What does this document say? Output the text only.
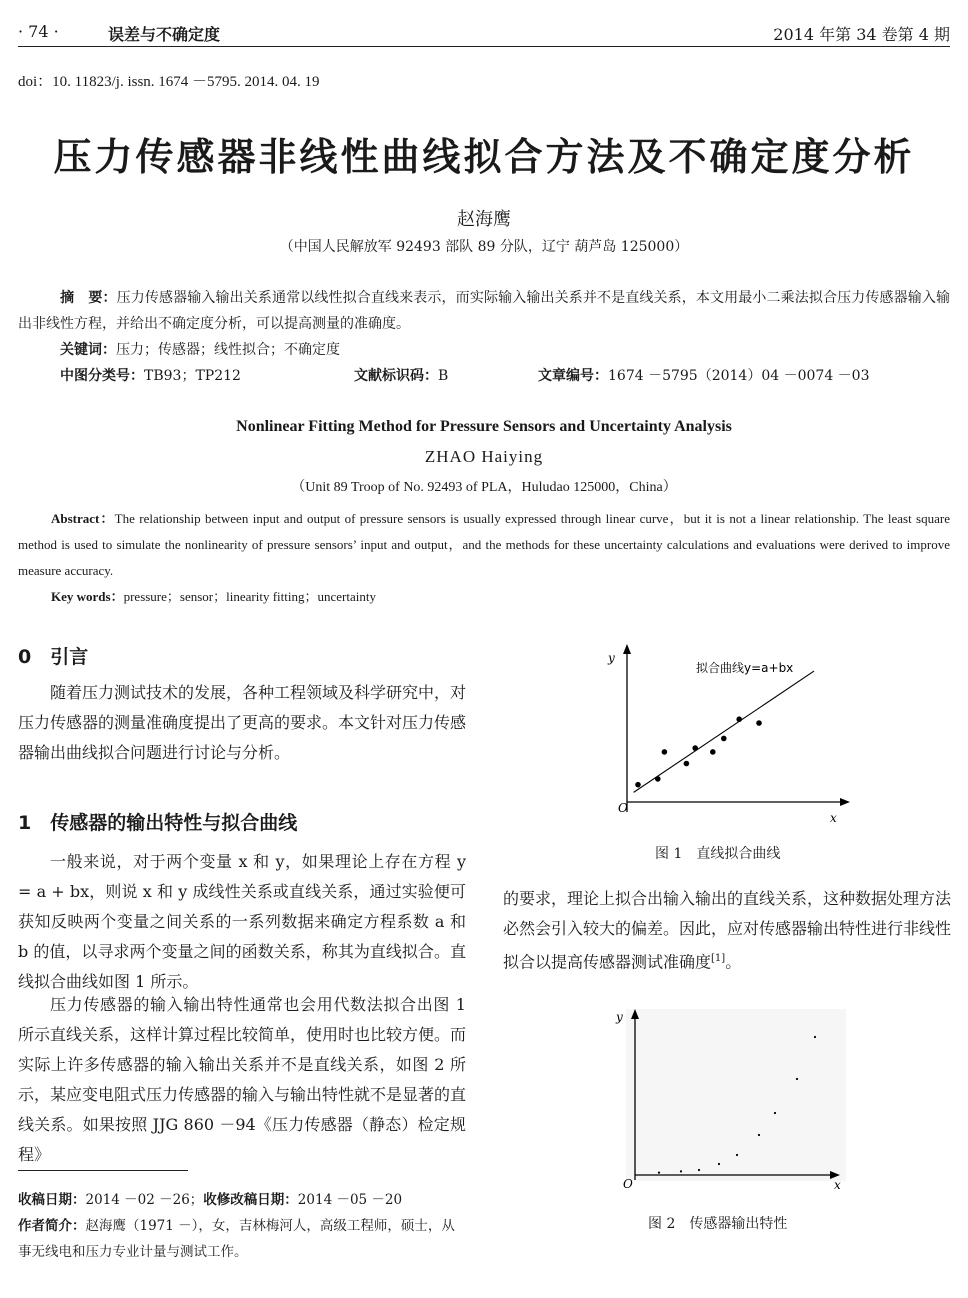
· 74 ·	误差与不确定度	2014 年第 34 卷第 4 期
doi：10. 11823/j. issn. 1674 －5795. 2014. 04. 19
压力传感器非线性曲线拟合方法及不确定度分析
赵海鹰
（中国人民解放军 92493 部队 89 分队，辽宁 葫芦岛 125000）
摘　要：压力传感器输入输出关系通常以线性拟合直线来表示，而实际输入输出关系并不是直线关系，本文用最小二乘法拟合压力传感器输入输出非线性方程，并给出不确定度分析，可以提高测量的准确度。
关键词：压力；传感器；线性拟合；不确定度
中图分类号：TB93；TP212	文献标识码：B	文章编号：1674 －5795（2014）04 －0074 －03
Nonlinear Fitting Method for Pressure Sensors and Uncertainty Analysis
ZHAO Haiying
（Unit 89 Troop of No. 92493 of PLA，Huludao 125000，China）
Abstract：The relationship between input and output of pressure sensors is usually expressed through linear curve，but it is not a linear relationship. The least square method is used to simulate the nonlinearity of pressure sensors’ input and output，and the methods for these uncertainty calculations and evaluations were derived to improve measure accuracy.
Key words：pressure；sensor；linearity fitting；uncertainty
0　引言
随着压力测试技术的发展，各种工程领域及科学研究中，对压力传感器的测量准确度提出了更高的要求。本文针对压力传感器输出曲线拟合问题进行讨论与分析。
1　传感器的输出特性与拟合曲线
一般来说，对于两个变量 x 和 y，如果理论上存在方程 y = a + bx，则说 x 和 y 成线性关系或直线关系，通过实验便可获知反映两个变量之间关系的一系列数据来确定方程系数 a 和 b 的值，以寻求两个变量之间的函数关系，称其为直线拟合。直线拟合曲线如图 1 所示。
压力传感器的输入输出特性通常也会用代数法拟合出图 1 所示直线关系，这样计算过程比较简单，使用时也比较方便。而实际上许多传感器的输入输出关系并不是直线关系，如图 2 所示，某应变电阻式压力传感器的输入与输出特性就不是显著的直线关系。如果按照 JJG 860 －94《压力传感器（静态）检定规程》
收稿日期：2014 －02 －26；收修改稿日期：2014 －05 －20
作者简介：赵海鹰（1971 －），女，吉林梅河人，高级工程师，硕士，从事无线电和压力专业计量与测试工作。
y
x
O
拟合曲线y=a+bx
图 1　直线拟合曲线
的要求，理论上拟合出输入输出的直线关系，这种数据处理方法必然会引入较大的偏差。因此，应对传感器输出特性进行非线性拟合以提高传感器测试准确度[1]。
y
x
O
图 2　传感器输出特性
